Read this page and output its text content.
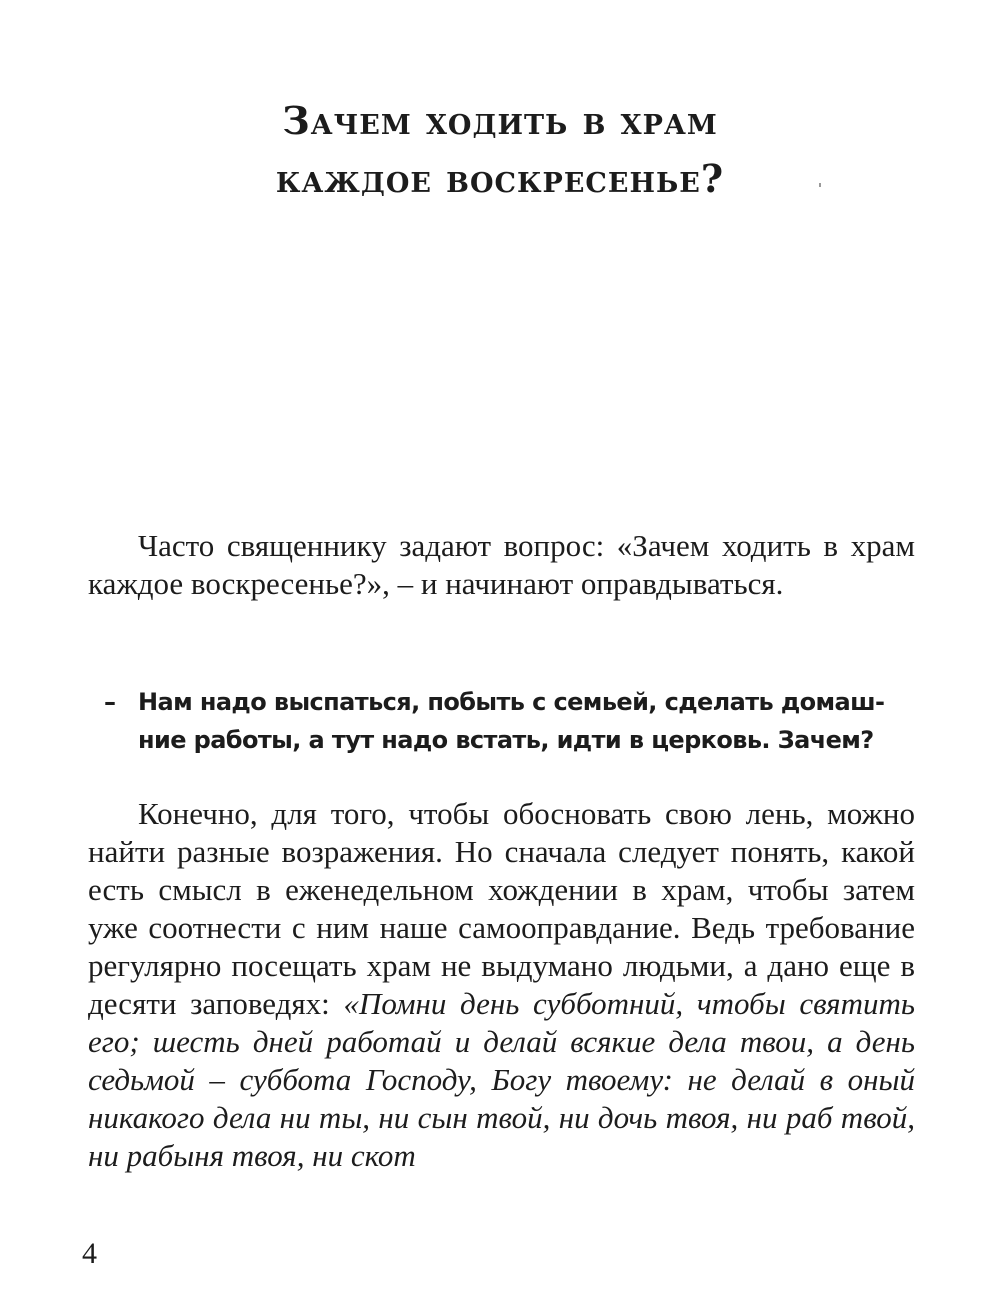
Зачем ходить в храм
каждое воскресенье?

Часто священнику задают вопрос: «Зачем ходить в храм каждое воскресенье?», – и начинают оправдываться.

– Нам надо выспаться, побыть с семьей, сделать домаш-
ние работы, а тут надо встать, идти в церковь. Зачем?

Конечно, для того, чтобы обосновать свою лень, можно найти разные возражения. Но сначала следует понять, какой есть смысл в еженедельном хождении в храм, чтобы затем уже соотнести с ним наше самооправдание. Ведь требование регулярно посещать храм не выдумано людьми, а дано еще в десяти заповедях: «Помни день субботний, чтобы святить его; шесть дней работай и делай всякие дела твои, а день седьмой – суббота Господу, Богу твоему: не делай в оный никакого дела ни ты, ни сын твой, ни дочь твоя, ни раб твой, ни рабыня твоя, ни скот

4
